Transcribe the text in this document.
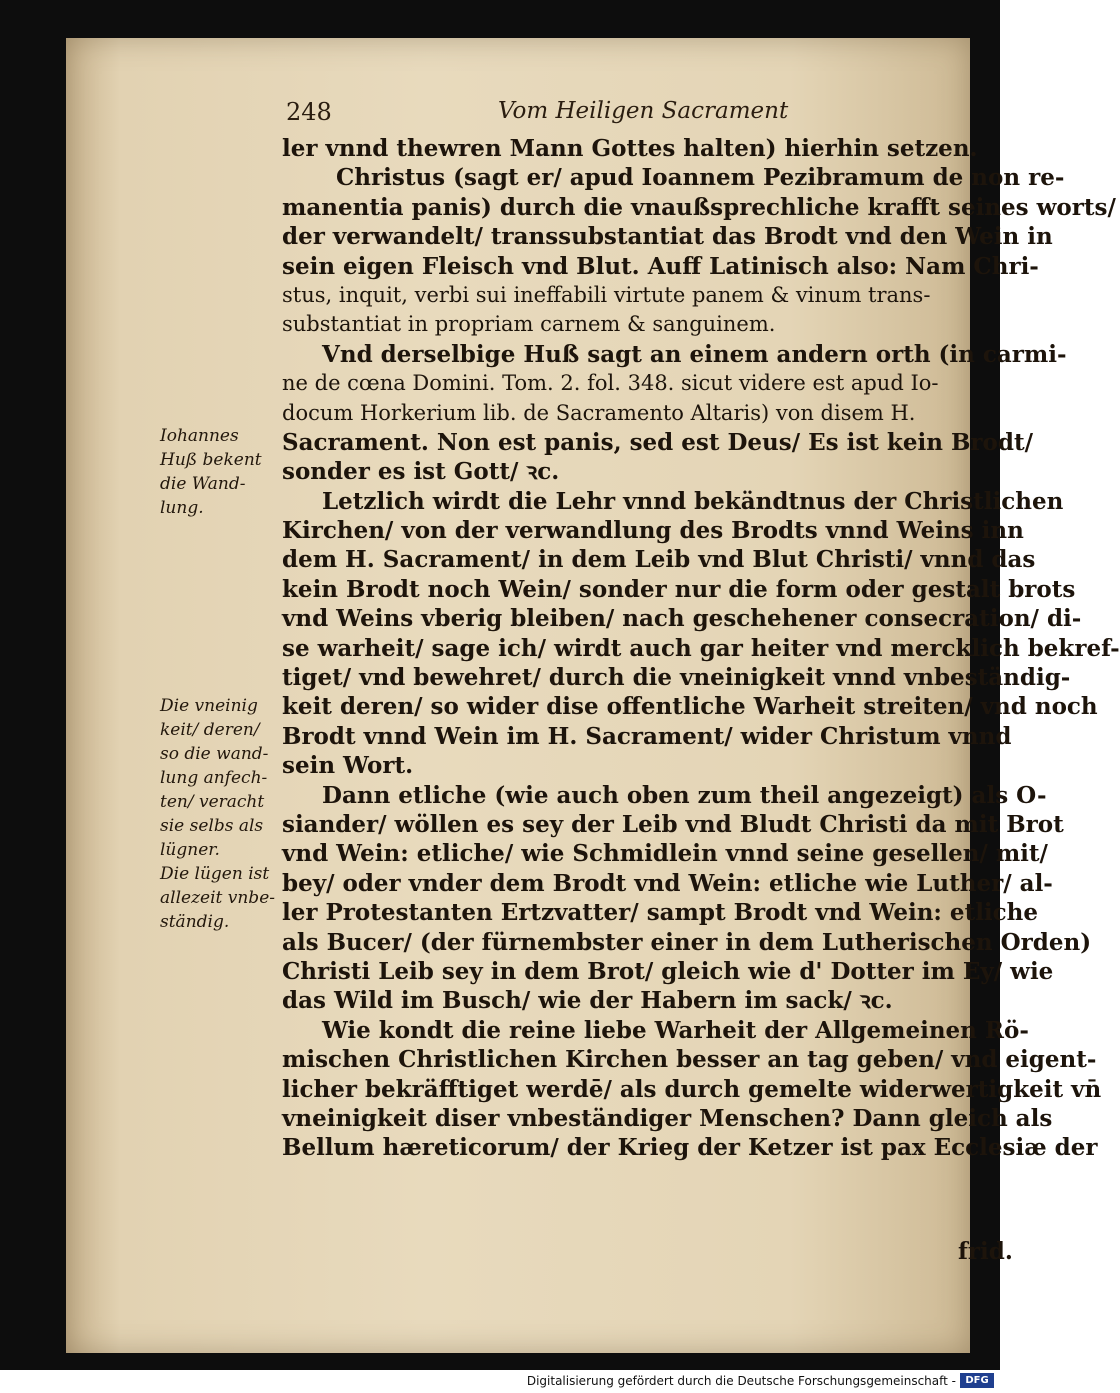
248	Vom Heiligen Sacrament
Iohannes
Huß bekent
die Wand-
lung.
Die vneinig
keit/ deren/
so die wand-
lung anfech-
ten/ veracht
sie selbs als
lügner.
Die lügen ist
allezeit vnbe-
ständig.
ler vnnd thewren Mann Gottes halten) hierhin setzen.
Christus (sagt er/ apud Ioannem Pezibramum de non re-
manentia panis) durch die vnaußsprechliche krafft seines worts/
der verwandelt/ transsubstantiat das Brodt vnd den Wein in
sein eigen Fleisch vnd Blut. Auff Latinisch also: Nam Chri-
stus, inquit, verbi sui ineffabili virtute panem & vinum trans-
substantiat in propriam carnem & sanguinem.
Vnd derselbige Huß sagt an einem andern orth (in carmi-
ne de cœna Domini. Tom. 2. fol. 348. sicut videre est apud Io-
docum Horkerium lib. de Sacramento Altaris) von disem H.
Sacrament. Non est panis, sed est Deus/ Es ist kein Brodt/
sonder es ist Gott/ ꝛc.
Letzlich wirdt die Lehr vnnd bekändtnus der Christlichen
Kirchen/ von der verwandlung des Brodts vnnd Weins inn
dem H. Sacrament/ in dem Leib vnd Blut Christi/ vnnd das
kein Brodt noch Wein/ sonder nur die form oder gestalt brots
vnd Weins vberig bleiben/ nach geschehener consecration/ di-
se warheit/ sage ich/ wirdt auch gar heiter vnd mercklich bekref-
tiget/ vnd bewehret/ durch die vneinigkeit vnnd vnbeständig-
keit deren/ so wider dise offentliche Warheit streiten/ vnd noch
Brodt vnnd Wein im H. Sacrament/ wider Christum vnnd
sein Wort.
Dann etliche (wie auch oben zum theil angezeigt) als O-
siander/ wöllen es sey der Leib vnd Bludt Christi da mit Brot
vnd Wein: etliche/ wie Schmidlein vnnd seine gesellen/ mit/
bey/ oder vnder dem Brodt vnd Wein: etliche wie Luther/ al-
ler Protestanten Ertzvatter/ sampt Brodt vnd Wein: etliche
als Bucer/ (der fürnembster einer in dem Lutherischen Orden)
Christi Leib sey in dem Brot/ gleich wie d' Dotter im Ey/ wie
das Wild im Busch/ wie der Habern im sack/ ꝛc.
Wie kondt die reine liebe Warheit der Allgemeinen Rö-
mischen Christlichen Kirchen besser an tag geben/ vnd eigent-
licher bekräfftiget werdē/ als durch gemelte widerwertigkeit vn̄
vneinigkeit diser vnbeständiger Menschen? Dann gleich als
Bellum hæreticorum/ der Krieg der Ketzer ist pax Ecclesiæ der
frid.
Digitalisierung gefördert durch die Deutsche Forschungsgemeinschaft - DFG
